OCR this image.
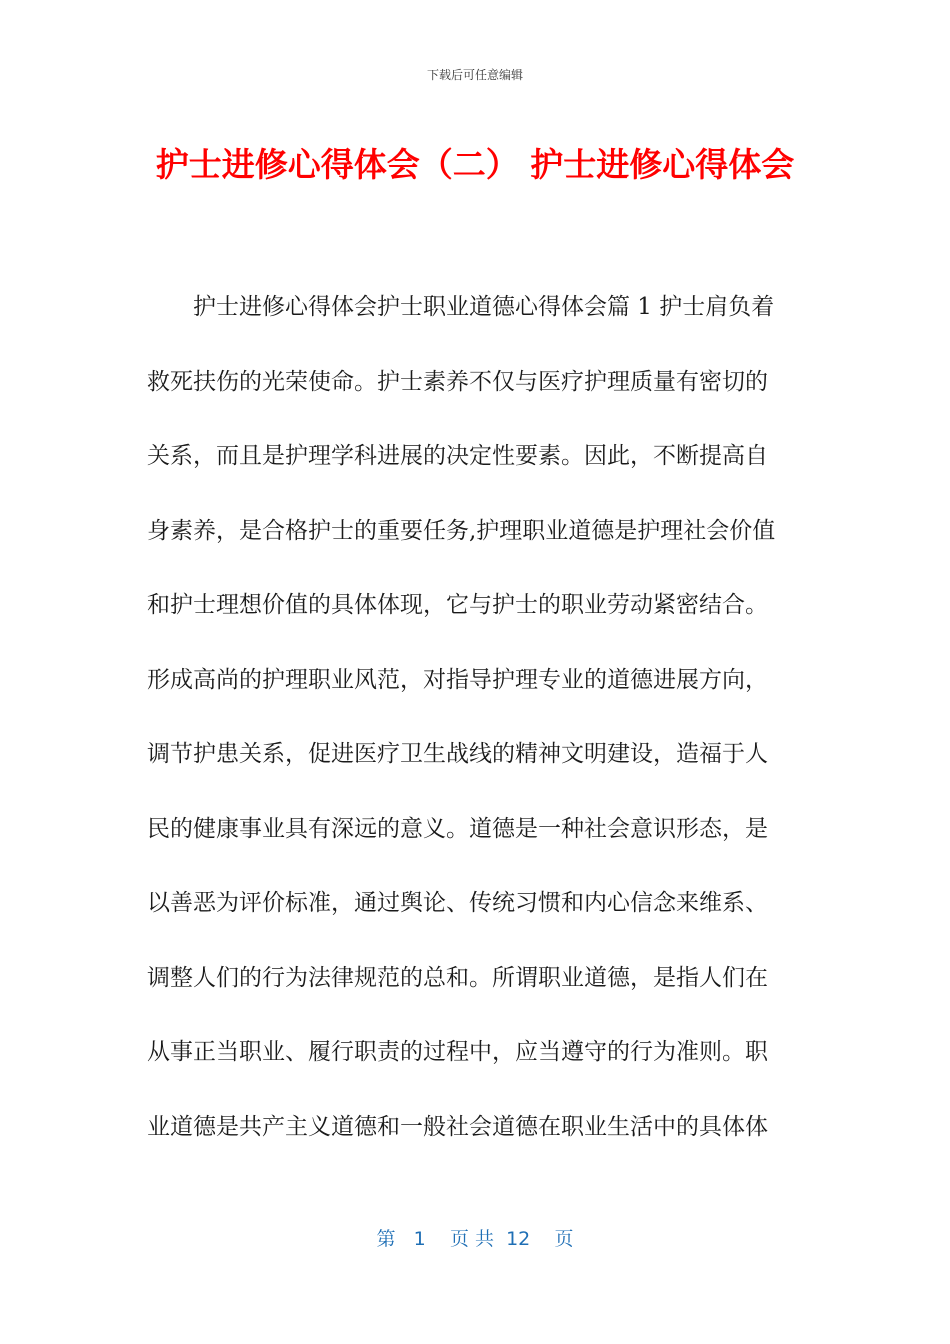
下载后可任意编辑
护士进修心得体会（二） 护士进修心得体会
　　护士进修心得体会护士职业道德心得体会篇 1 护士肩负着
救死扶伤的光荣使命。护士素养不仅与医疗护理质量有密切的
关系，而且是护理学科进展的决定性要素。因此，不断提高自
身素养，是合格护士的重要任务,护理职业道德是护理社会价值
和护士理想价值的具体体现，它与护士的职业劳动紧密结合。
形成高尚的护理职业风范，对指导护理专业的道德进展方向，
调节护患关系，促进医疗卫生战线的精神文明建设，造福于人
民的健康事业具有深远的意义。道德是一种社会意识形态，是
以善恶为评价标准，通过舆论、传统习惯和内心信念来维系、
调整人们的行为法律规范的总和。所谓职业道德，是指人们在
从事正当职业、履行职责的过程中，应当遵守的行为准则。职
业道德是共产主义道德和一般社会道德在职业生活中的具体体
第 1 页 共 12 页
